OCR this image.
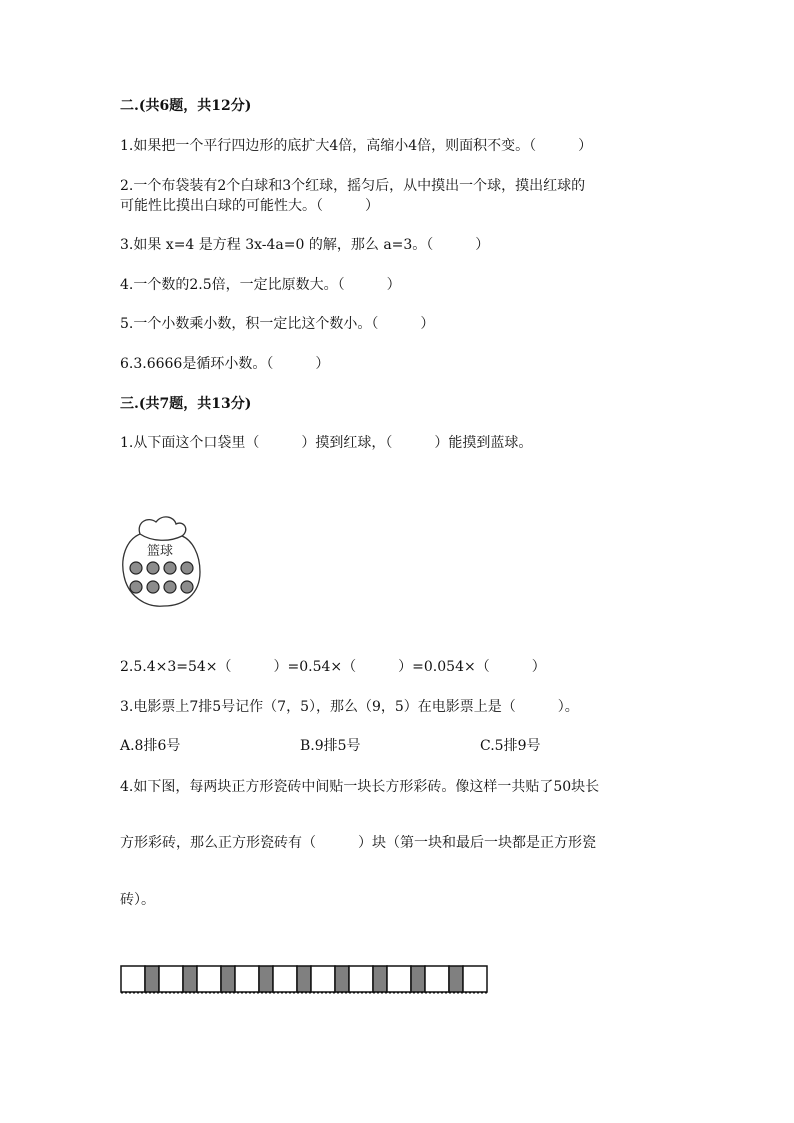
二.(共6题，共12分)
1.如果把一个平行四边形的底扩大4倍，高缩小4倍，则面积不变。（　　　）
2.一个布袋装有2个白球和3个红球，摇匀后，从中摸出一个球，摸出红球的
可能性比摸出白球的可能性大。（　　　）
3.如果 x=4 是方程 3x-4a=0 的解，那么 a=3。（　　　）
4.一个数的2.5倍，一定比原数大。（　　　）
5.一个小数乘小数，积一定比这个数小。（　　　）
6.3.6666是循环小数。（　　　）
三.(共7题，共13分)
1.从下面这个口袋里（　　　）摸到红球，（　　　）能摸到蓝球。
篮球
2.5.4×3=54×（　　　）=0.54×（　　　）=0.054×（　　　）
3.电影票上7排5号记作（7，5），那么（9，5）在电影票上是（　　　）。
A.8排6号	B.9排5号	C.5排9号
4.如下图，每两块正方形瓷砖中间贴一块长方形彩砖。像这样一共贴了50块长
方形彩砖，那么正方形瓷砖有（　　　）块（第一块和最后一块都是正方形瓷
砖）。
